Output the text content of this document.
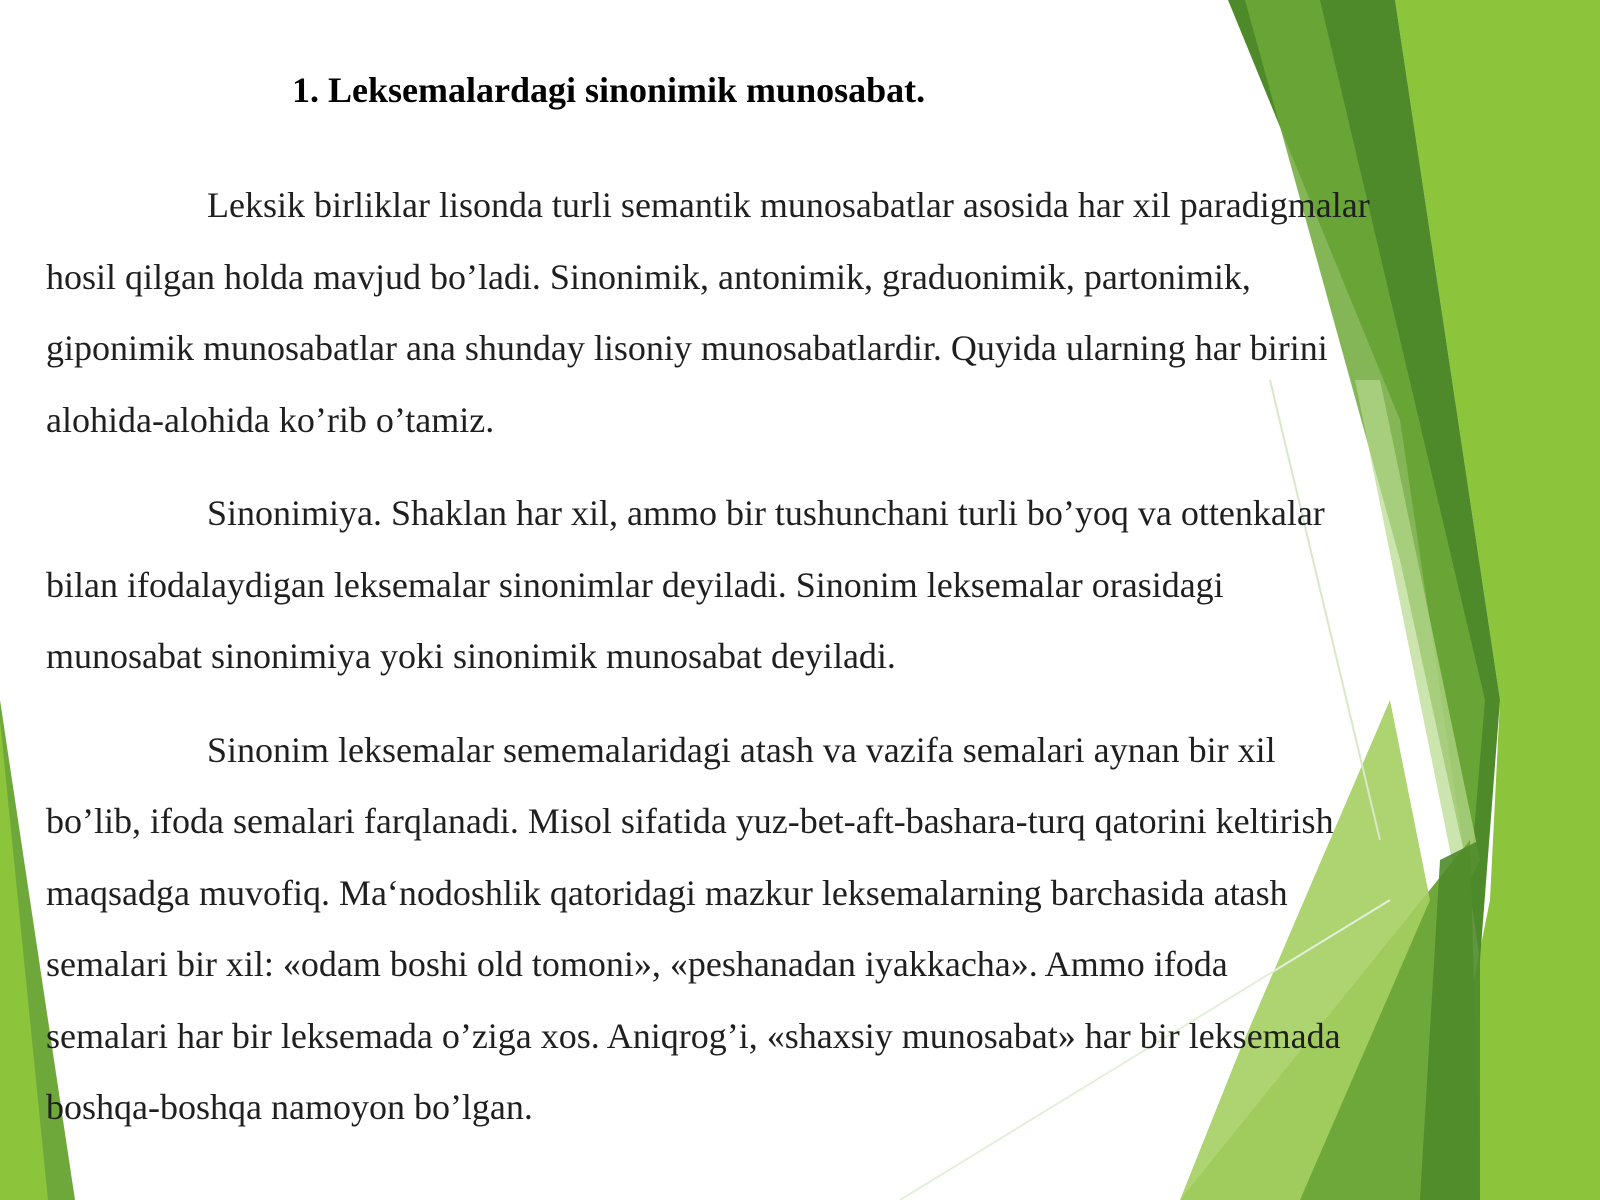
1. Leksemalardagi sinonimik munosabat.
Leksik birliklar lisonda turli semantik munosabatlar asosida har xil paradigmalar
hosil qilgan holda mavjud bo’ladi. Sinonimik, antonimik, graduonimik, partonimik,
giponimik munosabatlar ana shunday lisoniy munosabatlardir. Quyida ularning har birini
alohida-alohida ko’rib o’tamiz.
Sinonimiya. Shaklan har xil, ammo bir tushunchani turli bo’yoq va ottenkalar
bilan ifodalaydigan leksemalar sinonimlar deyiladi. Sinonim leksemalar orasidagi
munosabat sinonimiya yoki sinonimik munosabat deyiladi.
Sinonim leksemalar sememalaridagi atash va vazifa semalari aynan bir xil
bo’lib, ifoda semalari farqlanadi. Misol sifatida yuz-bet-aft-bashara-turq qatorini keltirish
maqsadga muvofiq. Ma‘nodoshlik qatoridagi mazkur leksemalarning barchasida atash
semalari bir xil: «odam boshi old tomoni», «peshanadan iyakkacha». Ammo ifoda
semalari har bir leksemada o’ziga xos. Aniqrog’i, «shaxsiy munosabat» har bir leksemada
boshqa-boshqa namoyon bo’lgan.
